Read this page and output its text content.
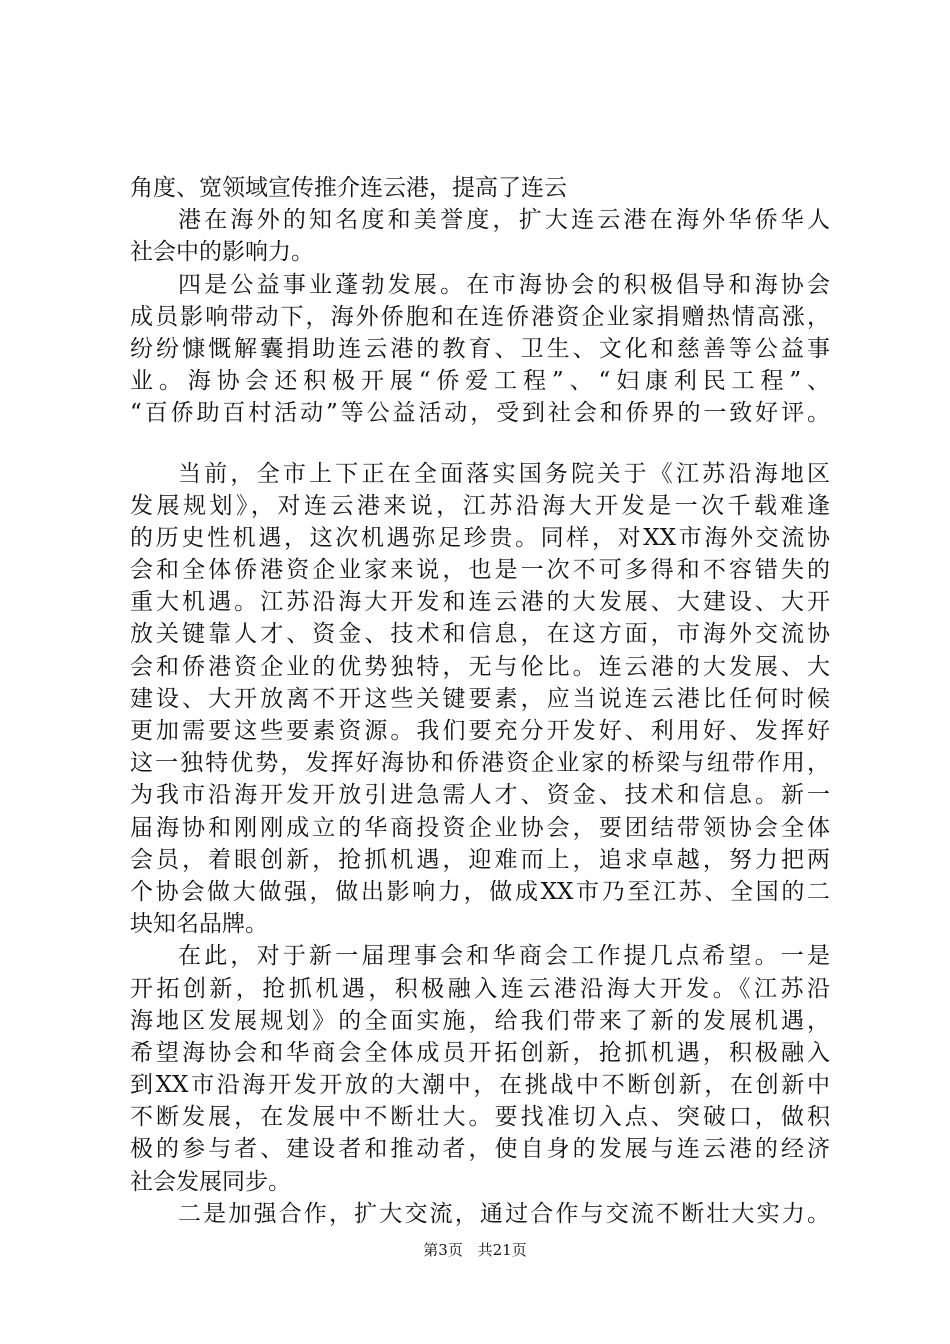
角度、宽领域宣传推介连云港，提高了连云
港在海外的知名度和美誉度，扩大连云港在海外华侨华人
社会中的影响力。
四是公益事业蓬勃发展。在市海协会的积极倡导和海协会
成员影响带动下，海外侨胞和在连侨港资企业家捐赠热情高涨，
纷纷慷慨解囊捐助连云港的教育、卫生、文化和慈善等公益事
业。海协会还积极开展“侨爱工程”、“妇康利民工程”、
“百侨助百村活动”等公益活动，受到社会和侨界的一致好评。
当前，全市上下正在全面落实国务院关于《江苏沿海地区
发展规划》，对连云港来说，江苏沿海大开发是一次千载难逢
的历史性机遇，这次机遇弥足珍贵。同样，对XX市海外交流协
会和全体侨港资企业家来说，也是一次不可多得和不容错失的
重大机遇。江苏沿海大开发和连云港的大发展、大建设、大开
放关键靠人才、资金、技术和信息，在这方面，市海外交流协
会和侨港资企业的优势独特，无与伦比。连云港的大发展、大
建设、大开放离不开这些关键要素，应当说连云港比任何时候
更加需要这些要素资源。我们要充分开发好、利用好、发挥好
这一独特优势，发挥好海协和侨港资企业家的桥梁与纽带作用，
为我市沿海开发开放引进急需人才、资金、技术和信息。新一
届海协和刚刚成立的华商投资企业协会，要团结带领协会全体
会员，着眼创新，抢抓机遇，迎难而上，追求卓越，努力把两
个协会做大做强，做出影响力，做成XX市乃至江苏、全国的二
块知名品牌。
在此，对于新一届理事会和华商会工作提几点希望。一是
开拓创新，抢抓机遇，积极融入连云港沿海大开发。《江苏沿
海地区发展规划》的全面实施，给我们带来了新的发展机遇，
希望海协会和华商会全体成员开拓创新，抢抓机遇，积极融入
到XX市沿海开发开放的大潮中，在挑战中不断创新，在创新中
不断发展，在发展中不断壮大。要找准切入点、突破口，做积
极的参与者、建设者和推动者，使自身的发展与连云港的经济
社会发展同步。
二是加强合作，扩大交流，通过合作与交流不断壮大实力。
第3页 共21页
